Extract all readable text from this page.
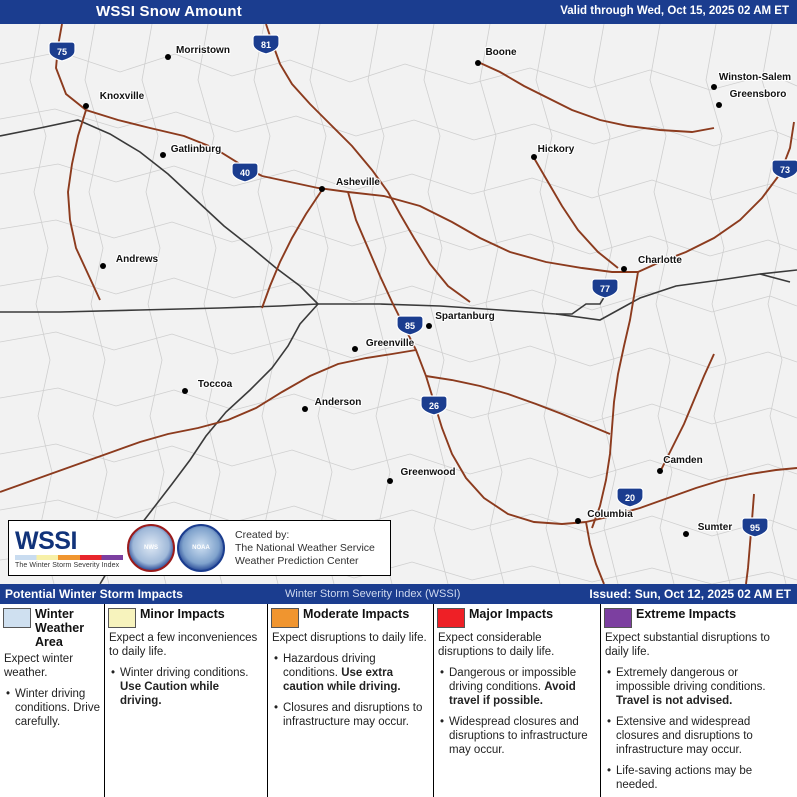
WSSI Snow Amount	Valid through Wed, Oct 15, 2025 02 AM ET
Morristown	Boone
Winston-Salem
Knoxville	Greensboro
Gatlinburg	Hickory
Asheville
Andrews	Charlotte
Spartanburg
Greenville
Toccoa
Anderson
Greenwood
Camden
Columbia
Sumter
75
81
40	73
77
85
26
20
95
WSSI
The Winter Storm Severity Index
NWS	NOAA
Created by:
The National Weather Service
Weather Prediction Center
Potential Winter Storm Impacts	Winter Storm Severity Index (WSSI)	Issued: Sun, Oct 12, 2025 02 AM ET
Winter Weather Area

Expect winter weather.

• Winter driving conditions. Drive carefully.
Minor Impacts

Expect a few inconveniences to daily life.

• Winter driving conditions. Use Caution while driving.
Moderate Impacts

Expect disruptions to daily life.

• Hazardous driving conditions. Use extra caution while driving.
• Closures and disruptions to infrastructure may occur.
Major Impacts

Expect considerable disruptions to daily life.

• Dangerous or impossible driving conditions. Avoid travel if possible.
• Widespread closures and disruptions to infrastructure may occur.
Extreme Impacts

Expect substantial disruptions to daily life.

• Extremely dangerous or impossible driving conditions. Travel is not advised.
• Extensive and widespread closures and disruptions to infrastructure may occur.
• Life-saving actions may be needed.
